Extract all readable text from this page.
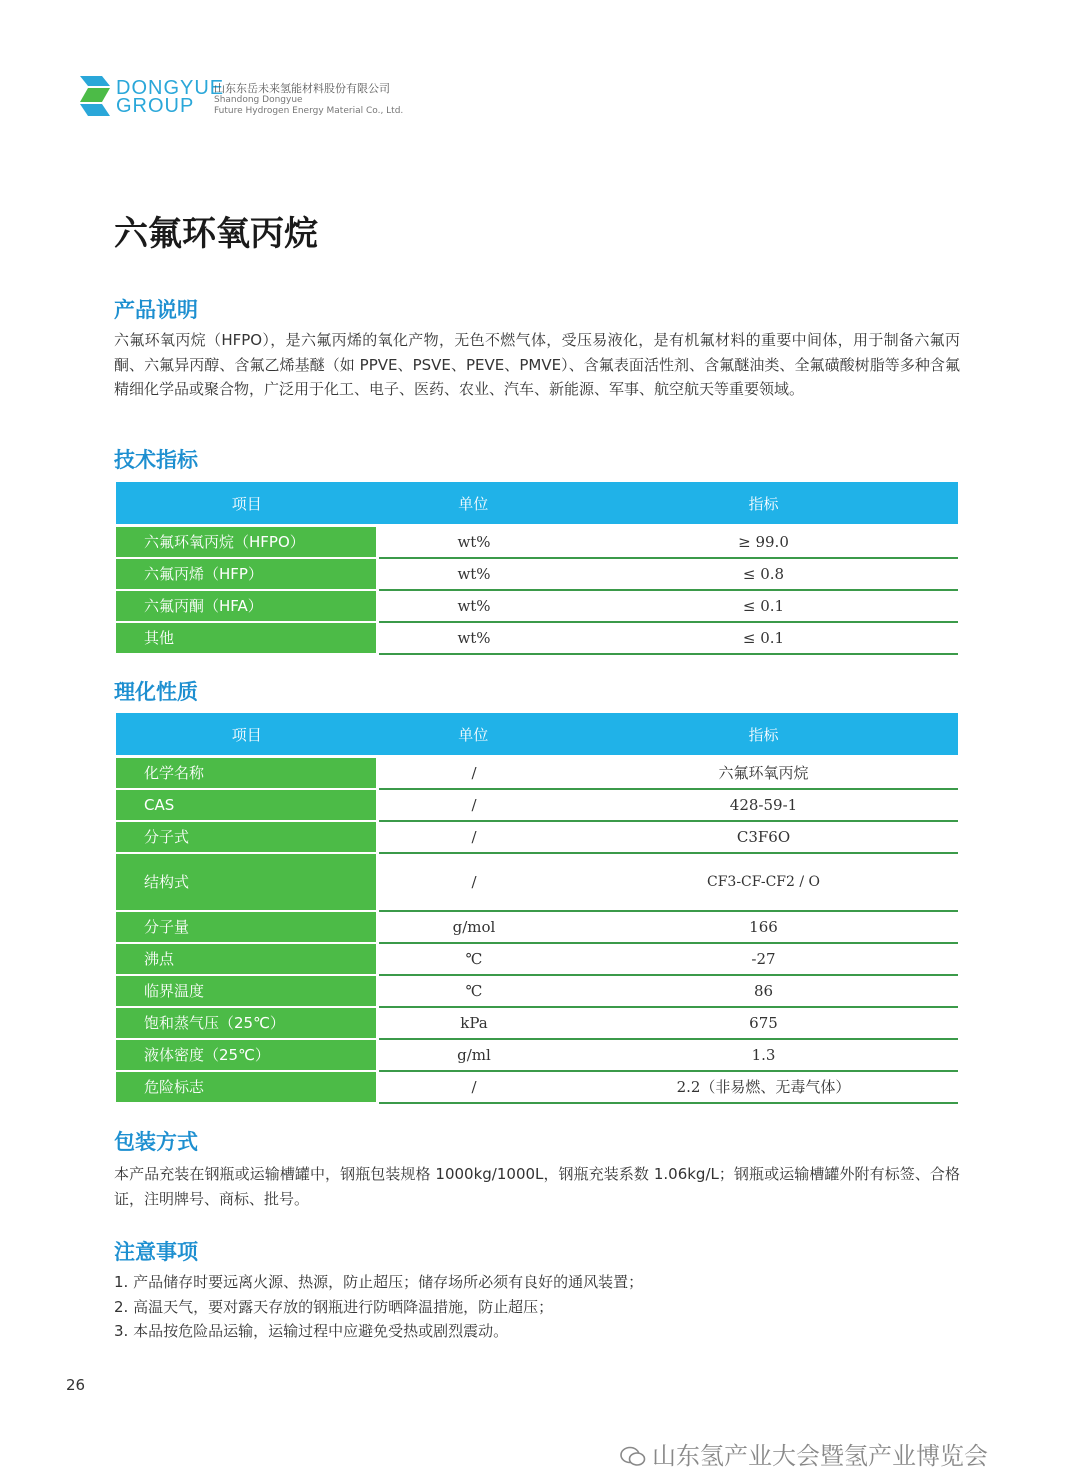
DONGYUE
GROUP
山东东岳未来氢能材料股份有限公司
Shandong Dongyue
Future Hydrogen Energy Material Co., Ltd.
六氟环氧丙烷
产品说明
六氟环氧丙烷（HFPO），是六氟丙烯的氧化产物，无色不燃气体，受压易液化，是有机氟材料的重要中间体，用于制备六氟丙酮、六氟异丙醇、含氟乙烯基醚（如 PPVE、PSVE、PEVE、PMVE）、含氟表面活性剂、含氟醚油类、全氟磺酸树脂等多种含氟精细化学品或聚合物，广泛用于化工、电子、医药、农业、汽车、新能源、军事、航空航天等重要领域。
技术指标
项目	单位	指标
六氟环氧丙烷（HFPO）	wt%	≥ 99.0
六氟丙烯（HFP）	wt%	≤ 0.8
六氟丙酮（HFA）	wt%	≤ 0.1
其他	wt%	≤ 0.1
理化性质
项目	单位	指标
化学名称	/	六氟环氧丙烷
CAS	/	428-59-1
分子式	/	C3F6O
结构式	/	CF3-CF-CF2 / O
分子量	g/mol	166
沸点	℃	-27
临界温度	℃	86
饱和蒸气压（25℃）	kPa	675
液体密度（25℃）	g/ml	1.3
危险标志	/	2.2（非易燃、无毒气体）
包装方式
本产品充装在钢瓶或运输槽罐中，钢瓶包装规格 1000kg/1000L，钢瓶充装系数 1.06kg/L；钢瓶或运输槽罐外附有标签、合格证，注明牌号、商标、批号。
注意事项
1. 产品储存时要远离火源、热源，防止超压；储存场所必须有良好的通风装置；
2. 高温天气，要对露天存放的钢瓶进行防晒降温措施，防止超压；
3. 本品按危险品运输，运输过程中应避免受热或剧烈震动。
26
山东氢产业大会暨氢产业博览会
